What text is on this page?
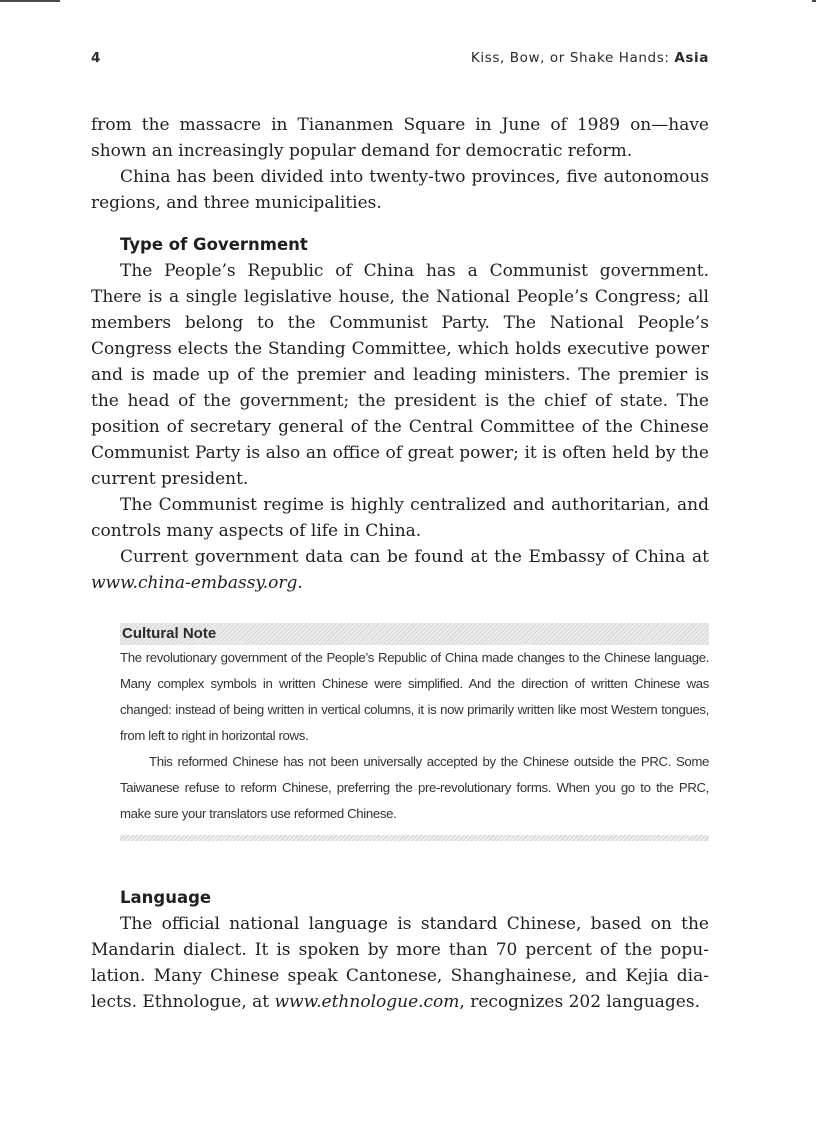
4	Kiss, Bow, or Shake Hands: Asia

from the massacre in Tiananmen Square in June of 1989 on—have shown an increasingly popular demand for democratic reform.

China has been divided into twenty-two provinces, five autonomous regions, and three municipalities.

Type of Government

The People’s Republic of China has a Communist government. There is a single legislative house, the National People’s Congress; all members belong to the Communist Party. The National People’s Congress elects the Standing Committee, which holds executive power and is made up of the premier and leading ministers. The premier is the head of the government; the president is the chief of state. The position of secretary general of the Central Committee of the Chinese Communist Party is also an office of great power; it is often held by the current president.

The Communist regime is highly centralized and authoritarian, and controls many aspects of life in China.

Current government data can be found at the Embassy of China at www.china-embassy.org.

Cultural Note

The revolutionary government of the People’s Republic of China made changes to the Chinese language. Many complex symbols in written Chinese were simplified. And the direction of written Chinese was changed: instead of being written in vertical columns, it is now primarily written like most Western tongues, from left to right in horizontal rows.

This reformed Chinese has not been universally accepted by the Chinese outside the PRC. Some Taiwanese refuse to reform Chinese, preferring the pre-revolutionary forms. When you go to the PRC, make sure your translators use reformed Chinese.

Language

The official national language is standard Chinese, based on the Mandarin dialect. It is spoken by more than 70 percent of the population. Many Chinese speak Cantonese, Shanghainese, and Kejia dialects. Ethnologue, at www.ethnologue.com, recognizes 202 languages.
